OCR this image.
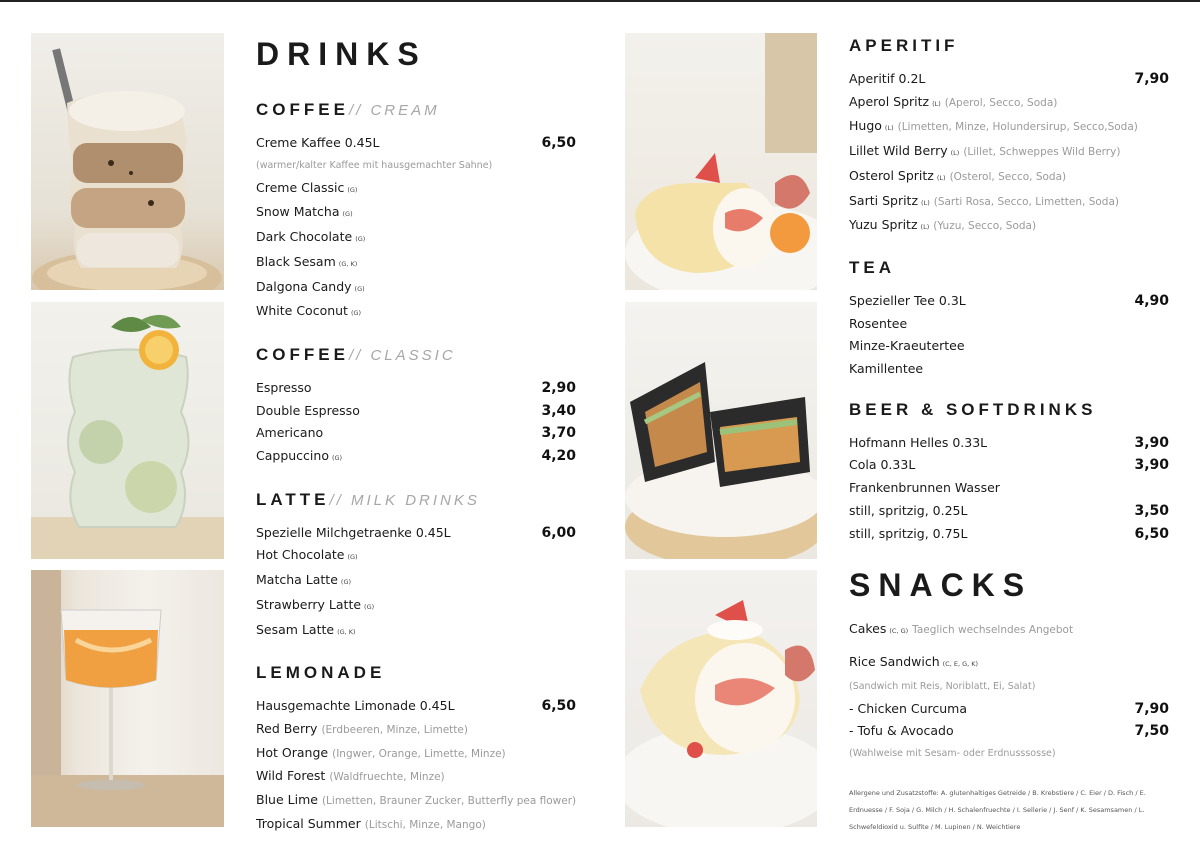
DRINKS
COFFEE// CREAM
Creme Kaffee 0.45L	6,50
(warmer/kalter Kaffee mit hausgemachter Sahne)
Creme Classic (G)
Snow Matcha (G)
Dark Chocolate (G)
Black Sesam (G, K)
Dalgona Candy (G)
White Coconut (G)
COFFEE// CLASSIC
Espresso	2,90
Double Espresso	3,40
Americano	3,70
Cappuccino (G)	4,20
LATTE// MILK DRINKS
Spezielle Milchgetraenke 0.45L	6,00
Hot Chocolate (G)
Matcha Latte (G)
Strawberry Latte (G)
Sesam Latte (G, K)
LEMONADE
Hausgemachte Limonade 0.45L	6,50
Red Berry (Erdbeeren, Minze, Limette)
Hot Orange (Ingwer, Orange, Limette, Minze)
Wild Forest (Waldfruechte, Minze)
Blue Lime (Limetten, Brauner Zucker, Butterfly pea flower)
Tropical Summer (Litschi, Minze, Mango)
APERITIF
Aperitif 0.2L	7,90
Aperol Spritz (L) (Aperol, Secco, Soda)
Hugo (L) (Limetten, Minze, Holundersirup, Secco,Soda)
Lillet Wild Berry (L) (Lillet, Schweppes Wild Berry)
Osterol Spritz (L) (Osterol, Secco, Soda)
Sarti Spritz (L) (Sarti Rosa, Secco, Limetten, Soda)
Yuzu Spritz (L) (Yuzu, Secco, Soda)
TEA
Spezieller Tee 0.3L	4,90
Rosentee
Minze-Kraeutertee
Kamillentee
BEER & SOFTDRINKS
Hofmann Helles 0.33L	3,90
Cola 0.33L	3,90
Frankenbrunnen Wasser
still, spritzig, 0.25L	3,50
still, spritzig, 0.75L	6,50
SNACKS
Cakes (C, G) Taeglich wechselndes Angebot
Rice Sandwich (C, E, G, K)
(Sandwich mit Reis, Noriblatt, Ei, Salat)
- Chicken Curcuma	7,90
- Tofu & Avocado	7,50
(Wahlweise mit Sesam- oder Erdnusssosse)
Allergene und Zusatzstoffe: A. glutenhaltiges Getreide / B. Krebstiere / C. Eier / D. Fisch / E. Erdnuesse / F. Soja / G. Milch / H. Schalenfruechte / I. Sellerie / J. Senf / K. Sesamsamen / L. Schwefeldioxid u. Sulfite / M. Lupinen / N. Weichtiere
